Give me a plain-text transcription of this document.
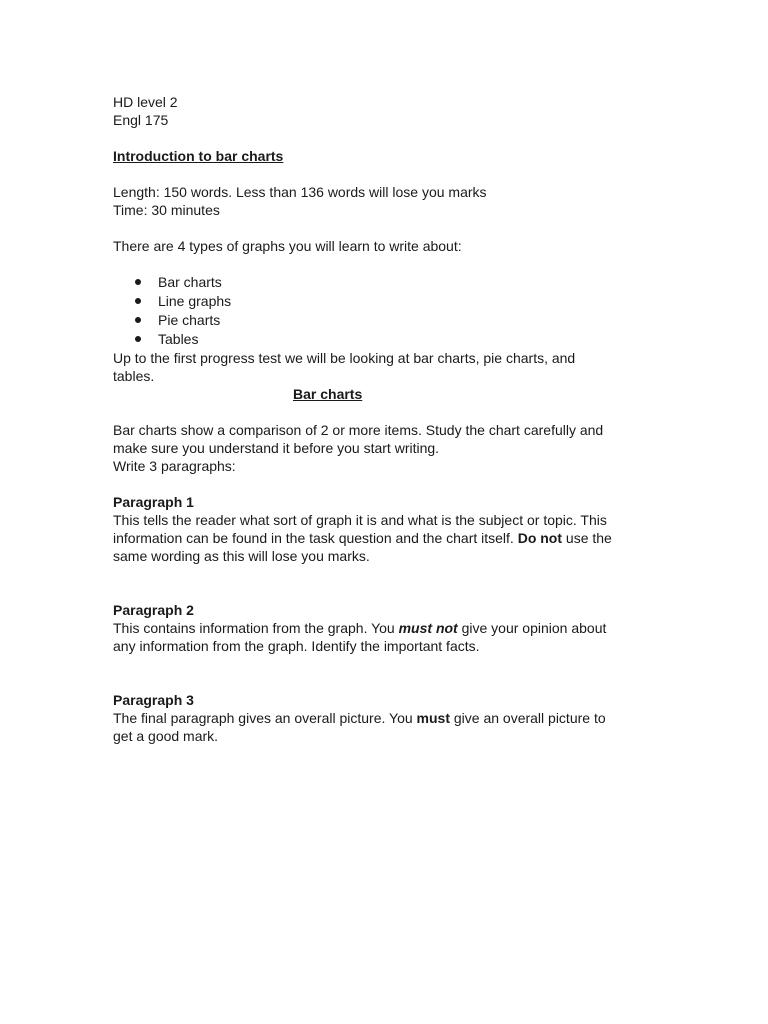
HD level 2
Engl 175
Introduction to bar charts
Length: 150 words. Less than 136 words will lose you marks
Time: 30 minutes
There are 4 types of graphs you will learn to write about:
Bar charts
Line graphs
Pie charts
Tables
Up to the first progress test we will be looking at bar charts, pie charts, and
tables.
Bar charts
Bar charts show a comparison of 2 or more items. Study the chart carefully and
make sure you understand it before you start writing.
Write 3 paragraphs:
Paragraph 1
This tells the reader what sort of graph it is and what is the subject or topic. This
information can be found in the task question and the chart itself. Do not use the
same wording as this will lose you marks.
Paragraph 2
This contains information from the graph. You must not give your opinion about
any information from the graph. Identify the important facts.
Paragraph 3
The final paragraph gives an overall picture. You must give an overall picture to
get a good mark.
